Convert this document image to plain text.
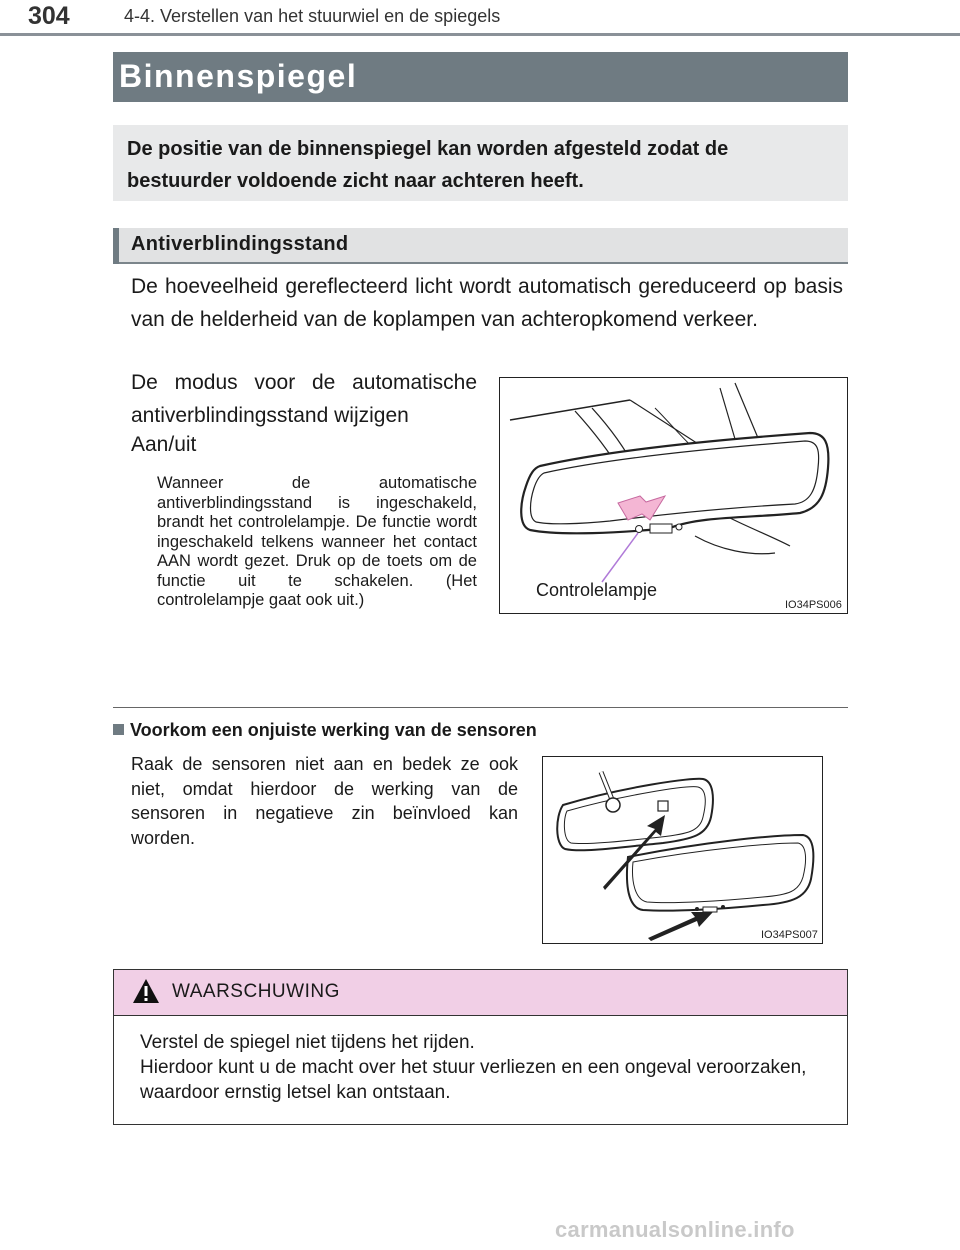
304	4-4. Verstellen van het stuurwiel en de spiegels
Binnenspiegel
De positie van de binnenspiegel kan worden afgesteld zodat de bestuurder voldoende zicht naar achteren heeft.
Antiverblindingsstand
De hoeveelheid gereflecteerd licht wordt automatisch gereduceerd op basis van de helderheid van de koplampen van achteropkomend verkeer.
De modus voor de automatische antiverblindingsstand wijzigen
Aan/uit
Wanneer de automatische antiverblindingsstand is ingeschakeld, brandt het controlelampje. De functie wordt ingeschakeld telkens wanneer het contact AAN wordt gezet. Druk op de toets om de functie uit te schakelen. (Het controlelampje gaat ook uit.)	Controlelampje
IO34PS006
Voorkom een onjuiste werking van de sensoren
Raak de sensoren niet aan en bedek ze ook niet, omdat hierdoor de werking van de sensoren in negatieve zin beïnvloed kan worden.
IO34PS007
WAARSCHUWING
Verstel de spiegel niet tijdens het rijden.
Hierdoor kunt u de macht over het stuur verliezen en een ongeval veroorzaken, waardoor ernstig letsel kan ontstaan.
carmanualsonline.info
